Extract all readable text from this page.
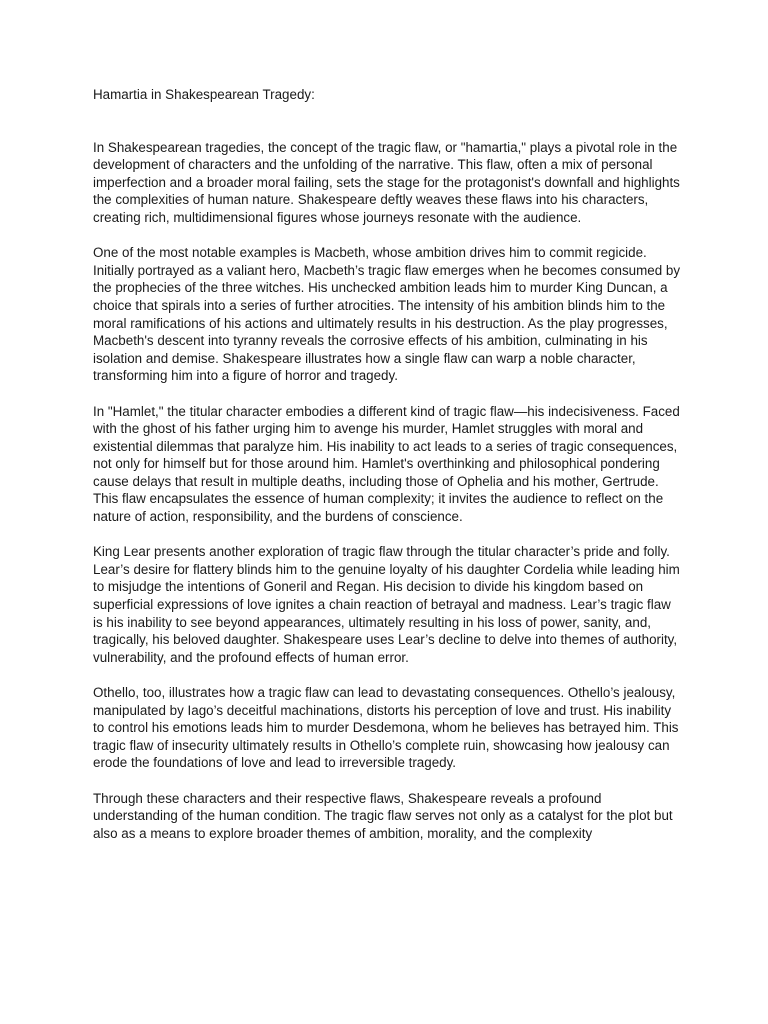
Hamartia in Shakespearean Tragedy:

In Shakespearean tragedies, the concept of the tragic flaw, or "hamartia," plays a pivotal role in the development of characters and the unfolding of the narrative. This flaw, often a mix of personal imperfection and a broader moral failing, sets the stage for the protagonist's downfall and highlights the complexities of human nature. Shakespeare deftly weaves these flaws into his characters, creating rich, multidimensional figures whose journeys resonate with the audience.

One of the most notable examples is Macbeth, whose ambition drives him to commit regicide. Initially portrayed as a valiant hero, Macbeth’s tragic flaw emerges when he becomes consumed by the prophecies of the three witches. His unchecked ambition leads him to murder King Duncan, a choice that spirals into a series of further atrocities. The intensity of his ambition blinds him to the moral ramifications of his actions and ultimately results in his destruction. As the play progresses, Macbeth's descent into tyranny reveals the corrosive effects of his ambition, culminating in his isolation and demise. Shakespeare illustrates how a single flaw can warp a noble character, transforming him into a figure of horror and tragedy.

In "Hamlet," the titular character embodies a different kind of tragic flaw—his indecisiveness. Faced with the ghost of his father urging him to avenge his murder, Hamlet struggles with moral and existential dilemmas that paralyze him. His inability to act leads to a series of tragic consequences, not only for himself but for those around him. Hamlet's overthinking and philosophical pondering cause delays that result in multiple deaths, including those of Ophelia and his mother, Gertrude. This flaw encapsulates the essence of human complexity; it invites the audience to reflect on the nature of action, responsibility, and the burdens of conscience.

King Lear presents another exploration of tragic flaw through the titular character’s pride and folly. Lear’s desire for flattery blinds him to the genuine loyalty of his daughter Cordelia while leading him to misjudge the intentions of Goneril and Regan. His decision to divide his kingdom based on superficial expressions of love ignites a chain reaction of betrayal and madness. Lear’s tragic flaw is his inability to see beyond appearances, ultimately resulting in his loss of power, sanity, and, tragically, his beloved daughter. Shakespeare uses Lear’s decline to delve into themes of authority, vulnerability, and the profound effects of human error.

Othello, too, illustrates how a tragic flaw can lead to devastating consequences. Othello’s jealousy, manipulated by Iago’s deceitful machinations, distorts his perception of love and trust. His inability to control his emotions leads him to murder Desdemona, whom he believes has betrayed him. This tragic flaw of insecurity ultimately results in Othello’s complete ruin, showcasing how jealousy can erode the foundations of love and lead to irreversible tragedy.

Through these characters and their respective flaws, Shakespeare reveals a profound understanding of the human condition. The tragic flaw serves not only as a catalyst for the plot but also as a means to explore broader themes of ambition, morality, and the complexity
